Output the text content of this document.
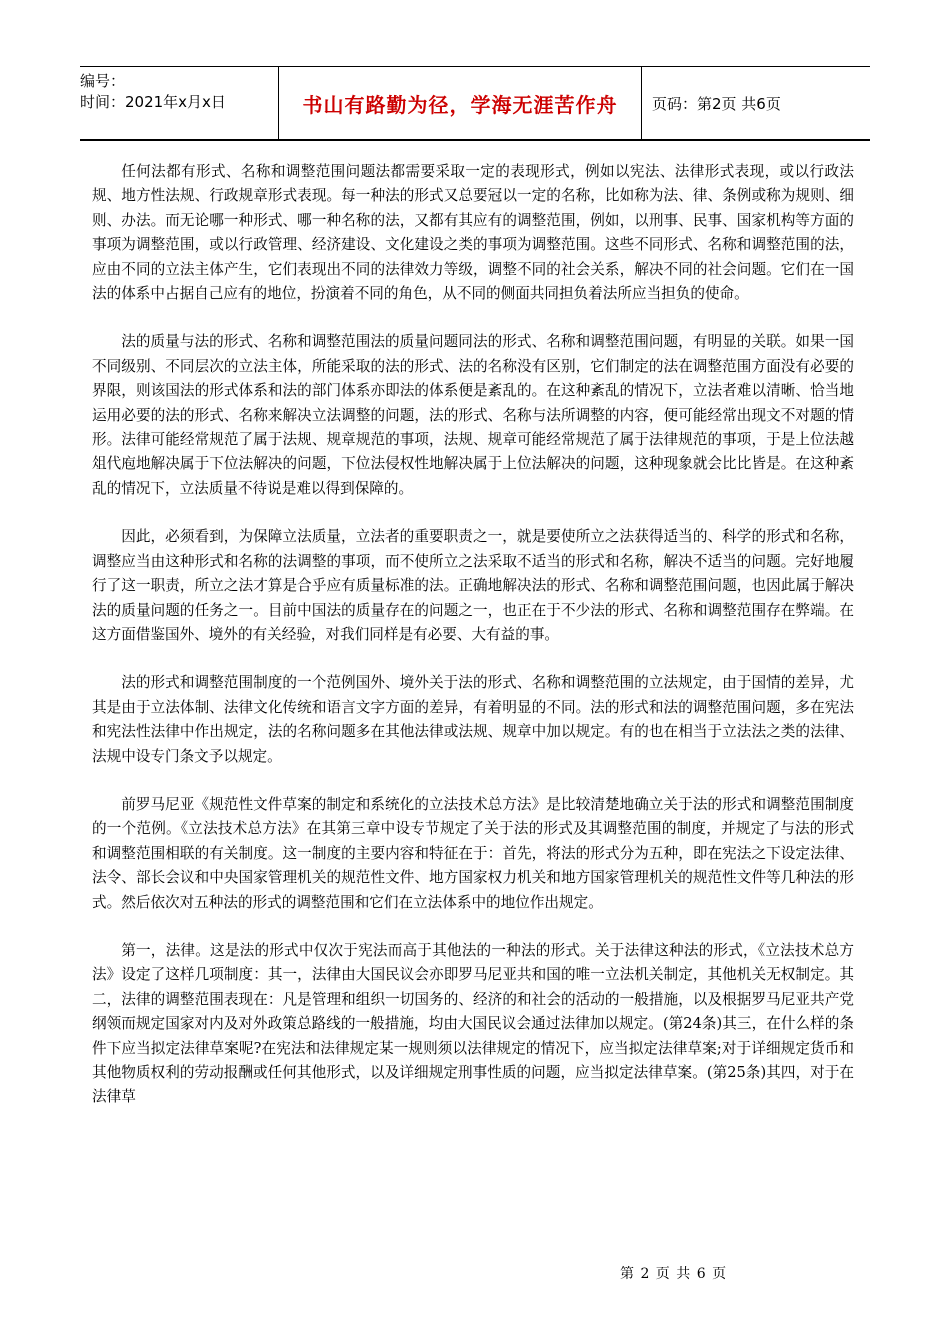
编号：
时间：2021年x月x日	书山有路勤为径，学海无涯苦作舟	页码：第2页 共6页

任何法都有形式、名称和调整范围问题法都需要采取一定的表现形式，例如以宪法、法律形式表现，或以行政法规、地方性法规、行政规章形式表现。每一种法的形式又总要冠以一定的名称，比如称为法、律、条例或称为规则、细则、办法。而无论哪一种形式、哪一种名称的法，又都有其应有的调整范围，例如，以刑事、民事、国家机构等方面的事项为调整范围，或以行政管理、经济建设、文化建设之类的事项为调整范围。这些不同形式、名称和调整范围的法，应由不同的立法主体产生，它们表现出不同的法律效力等级，调整不同的社会关系，解决不同的社会问题。它们在一国法的体系中占据自己应有的地位，扮演着不同的角色，从不同的侧面共同担负着法所应当担负的使命。

法的质量与法的形式、名称和调整范围法的质量问题同法的形式、名称和调整范围问题，有明显的关联。如果一国不同级别、不同层次的立法主体，所能采取的法的形式、法的名称没有区别，它们制定的法在调整范围方面没有必要的界限，则该国法的形式体系和法的部门体系亦即法的体系便是紊乱的。在这种紊乱的情况下，立法者难以清晰、恰当地运用必要的法的形式、名称来解决立法调整的问题，法的形式、名称与法所调整的内容，便可能经常出现文不对题的情形。法律可能经常规范了属于法规、规章规范的事项，法规、规章可能经常规范了属于法律规范的事项，于是上位法越俎代庖地解决属于下位法解决的问题，下位法侵权性地解决属于上位法解决的问题，这种现象就会比比皆是。在这种紊乱的情况下，立法质量不待说是难以得到保障的。

因此，必须看到，为保障立法质量，立法者的重要职责之一，就是要使所立之法获得适当的、科学的形式和名称，调整应当由这种形式和名称的法调整的事项，而不使所立之法采取不适当的形式和名称，解决不适当的问题。完好地履行了这一职责，所立之法才算是合乎应有质量标准的法。正确地解决法的形式、名称和调整范围问题，也因此属于解决法的质量问题的任务之一。目前中国法的质量存在的问题之一，也正在于不少法的形式、名称和调整范围存在弊端。在这方面借鉴国外、境外的有关经验，对我们同样是有必要、大有益的事。

法的形式和调整范围制度的一个范例国外、境外关于法的形式、名称和调整范围的立法规定，由于国情的差异，尤其是由于立法体制、法律文化传统和语言文字方面的差异，有着明显的不同。法的形式和法的调整范围问题，多在宪法和宪法性法律中作出规定，法的名称问题多在其他法律或法规、规章中加以规定。有的也在相当于立法法之类的法律、法规中设专门条文予以规定。

前罗马尼亚《规范性文件草案的制定和系统化的立法技术总方法》是比较清楚地确立关于法的形式和调整范围制度的一个范例。《立法技术总方法》在其第三章中设专节规定了关于法的形式及其调整范围的制度，并规定了与法的形式和调整范围相联的有关制度。这一制度的主要内容和特征在于：首先，将法的形式分为五种，即在宪法之下设定法律、法令、部长会议和中央国家管理机关的规范性文件、地方国家权力机关和地方国家管理机关的规范性文件等几种法的形式。然后依次对五种法的形式的调整范围和它们在立法体系中的地位作出规定。

第一，法律。这是法的形式中仅次于宪法而高于其他法的一种法的形式。关于法律这种法的形式，《立法技术总方法》设定了这样几项制度：其一，法律由大国民议会亦即罗马尼亚共和国的唯一立法机关制定，其他机关无权制定。其二，法律的调整范围表现在：凡是管理和组织一切国务的、经济的和社会的活动的一般措施，以及根据罗马尼亚共产党纲领而规定国家对内及对外政策总路线的一般措施，均由大国民议会通过法律加以规定。(第24条)其三，在什么样的条件下应当拟定法律草案呢?在宪法和法律规定某一规则须以法律规定的情况下，应当拟定法律草案;对于详细规定货币和其他物质权利的劳动报酬或任何其他形式，以及详细规定刑事性质的问题，应当拟定法律草案。(第25条)其四，对于在法律草

第 2 页 共 6 页
